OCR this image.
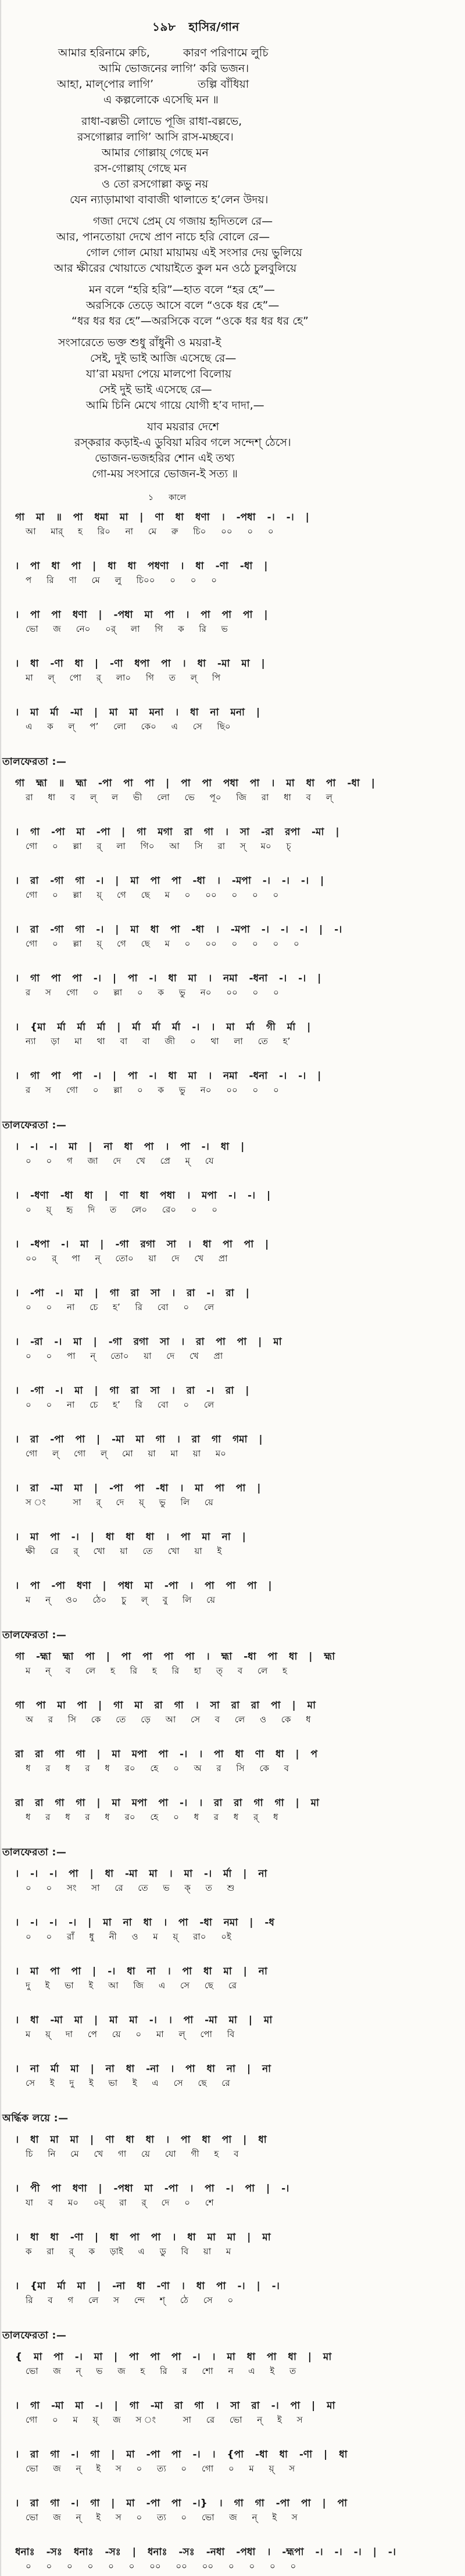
১৯৮ হাসির/গান
আমার হরিনামে রুচি,   কারণ পরিণামে লুচি
আমি ভোজনের লাগি’ করি ভজন।
আহা, মাল্‌পোর লাগি’    তল্পি বাঁধিয়া
এ কল্পলোকে এসেছি মন ॥
রাধা-বল্লভী লোভে পূজি রাধা-বল্লভে,
রসগোল্লার লাগি’ আসি রাস-মচ্ছবে।
আমার গোল্লায়্‌ গেছে মন
রস-গোল্লায়্‌ গেছে মন
ও তো রসগোল্লা কভু নয়
যেন ন্যাড়ামাথা বাবাজী থালাতে হ’লেন উদয়।
গজা দেখে প্রেম্‌ যে গজায় হৃদিতলে রে—
আর, পানতোয়া দেখে প্রাণ নাচে হরি বোলে রে—
গোল গোল মোয়া মায়াময় এই সংসার দেয় ভুলিয়ে
আর ক্ষীরের খোয়াতে খোয়াইতে কুল মন ওঠে চুলবুলিয়ে
মন বলে “হরি হরি”—হাত বলে “হর হে”—
অরসিকে তেড়ে আসে বলে “ওকে ধর হে”—
“ধর ধর ধর হে”—অরসিকে বলে “ওকে ধর ধর ধর হে”
সংসারেতে ভক্ত শুধু রাঁধুনী ও ময়রা-ই
সেই, দুই ভাই আজি এসেছে রে—
যা’রা ময়দা পেয়ে মালপো বিলোয়
সেই দুই ভাই এসেছে রে—
আমি চিনি মেখে গায়ে যোগী হ’ব দাদা,—
যাব ময়রার দেশে
রস্‌করার কড়াই-এ ডুবিয়া মরিব গলে সন্দেশ্‌ ঠেসে।
ভোজন-ভজহরির শোন এই তথ্য
গো-ময় সংসারে ভোজন-ই সত্য ॥
১ কালে
গা মা ॥ পা ধমা মা | ণা ধা ধণা । -পধা -। -। |
আ মার্ হ রি০ না মে রু চি০ ০০ ০ ০
। পা ধা পা | ধা ধা পধণা । ধা -ণা -ধা |
প রি ণা মে লু চি০০ ০ ০ ০
। পা পা ধণা | -পধা মা পা । পা পা পা |
ভো জ নে০ ০র্ লা গি ক রি ভ
। ধা -ণা ধা | -ণা ধপা পা । ধা -মা মা |
মা ল্ পো র্ লা০ গি ত ল্ পি
। মা র্মা -মা | মা মা মনা । ধা না মনা |
এ ক ল্ প’ লো কে০ এ সে ছি০
তালফেরতা :—
গা হ্মা ॥ হ্মা -পা পা পা | পা পা পধা পা । মা ধা পা -ধা |
রা ধা ব ল্ ল ভী লো ভে পূ০ জি রা ধা ব ল্
। গা -পা মা -পা | গা মগা রা গা । সা -রা রপা -মা |
গো ০ ল্লা র্ লা গি০ আ সি রা স্ ম০ চ্
। রা -গা গা -। | মা পা পা -ধা । -মপা -। -। -। |
গো ০ ল্লা য়্ গে ছে ম ০ ০০ ০ ০ ০
। রা -গা গা -। | মা ধা পা -ধা । -মপা -। -। -। | -।
গো ০ ল্লা য়্ গে ছে ম ০ ০০ ০ ০ ০ ০
। গা পা পা -। | পা -। ধা মা । নমা -ধনা -। -। |
র স গো ০ ল্লা ০ ক ভু ন০ ০০ ০ ০
। {মা র্মা র্মা র্মা | র্মা র্মা র্মা -। । মা র্মা গী র্মা |
ন্যা ড়া মা থা বা বা জী ০ থা লা তে হ’
। গা পা পা -। | পা -। ধা মা । নমা -ধনা -। -। |
র স গো ০ ল্লা ০ ক ভু ন০ ০০ ০ ০
তালফেরতা :—
। -। -। মা | না ধা পা । পা -। ধা |
০ ০ গ জা দে খে প্রে ম্ যে
। -ধণা -ধা ধা | ণা ধা পধা । মপা -। -। |
০ য়্ হৃ দি ত লে০ রে০ ০ ০
। -ধপা -। মা | -গা রগা সা । ধা পা পা |
০০ র্ পা ন্ তো০ য়া দে খে প্রা
। -পা -। মা | গা রা সা । রা -। রা |
০ ০ না চে হ’ রি বো ০ লে
। -রা -। মা | -গা রগা সা । রা পা পা | মা
০ ০ পা ন্ তো০ য়া দে খে প্রা
। -গা -। মা | গা রা সা । রা -। রা |
০ ০ না চে হ’ রি বো ০ লে
। রা -পা পা | -মা মা গা । রা গা গমা |
গো ল্ গো ল্ মো য়া মা য়া ম০
। রা -মা মা | -পা পা -ধা । মা পা পা |
স ং সা র্ দে য়্ ভু লি য়ে
। মা পা -। | ধা ধা ধা । পা মা না |
ক্ষী রে র্ খো য়া তে খো য়া ই
। পা -পা ধণা | পধা মা -পা । পা পা পা |
ম ন্ ও০ ঠে০ চু ল্ বু লি য়ে
তালফেরতা :—
গা -হ্মা হ্মা পা | পা পা পা পা । হ্মা -ধা পা ধা | হ্মা
ম ন্ ব লে হ রি হ রি হা ত্ ব লে হ
গা পা মা পা | গা মা রা গা । সা রা রা পা | মা
অ র সি কে তে ড়ে আ সে ব লে ও কে ধ
রা রা গা গা | মা মপা পা -। । পা ধা ণা ধা | প
ধ র ধ র ধ র০ হে ০ অ র সি কে ব
রা রা গা গা | মা মপা পা -। । রা রা গা গা | মা
ধ র ধ র ধ র০ হে ০ ধ র ধ র্ ধ
তালফেরতা :—
। -। -। পা | ধা -মা মা । মা -। র্মা | না
০ ০ সং সা রে তে ভ ক্ ত শু
। -। -। -। | মা না ধা । পা -ধা নমা | -ধ
০ ০ রাঁ ধু নী ও ম য়্ রা০ ০ই
। মা পা পা | -। ধা না । পা ধা মা | না
দু ই ভা ই আ জি এ সে ছে রে
। ধা -মা মা | মা মা -। । পা -মা মা | মা
ম য়্ দা পে য়ে ০ মা ল্ পো বি
। না র্মা মা | না ধা -না । পা ধা না | না
সে ই দু ই ভা ই এ সে ছে রে
অর্দ্ধিক লয়ে :—
। ধা মা মা | ণা ধা ধা । পা ধা পা | ধা
চি নি মে খে গা য়ে যো গী হ ব
। পী পা ধণা | -পধা মা -পা । পা -। পা | -।
যা ব ম০ ০য়্ রা র্ দে ০ শে
। ধা ধা -ণা | ধা পা পা । ধা মা মা | মা
ক রা র্ ক ড়াই এ ডু বি য়া ম
। {মা র্মা মা | -না ধা -ণা । ধা পা -। | -।
রি ব গ লে স ন্দে শ্ ঠে সে ০
তালফেরতা :—
{ মা পা -। মা | পা পা পা -। । মা ধা পা ধা | মা
ভো জ ন্ ভ জ হ রি র শো ন এ ই ত
। গা -মা মা -। | গা -মা রা গা । সা রা -। পা | মা
গো ০ ম য়্ জ স ং সা রে ভো ন্ ই স
। রা গা -। গা | মা -পা পা -। । {পা -ধা ধা -ণা | ধা
ভো জ ন্ ই স ০ ত্য ০ গো ০ ম য়্ স
। রা গা -। গা | মা -পা পা -।} । গা গা -পা পা | পা
ভো জ ন্ ই স ০ ত্য ০ ভো জ ন্ ই স
ধনাঃ -সঃ ধনাঃ -সঃ | ধনাঃ -সঃ -নধা -পধা । -হ্মপা -। -। -। | -।
০ ০ ০ ০ ০ ০ ০০ ০০ ০০ ০ ০ ০ ০
